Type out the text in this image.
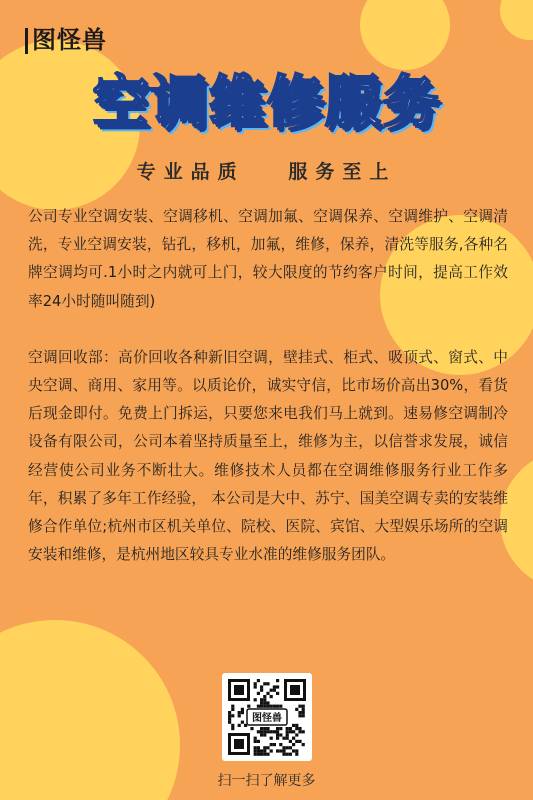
图怪兽
空调维修服务
专业品质   服务至上

公司专业空调安装、空调移机、空调加氟、空调保养、空调维护、空调清洗，专业空调安装，钻孔，移机，加氟，维修，保养，清洗等服务,各种名牌空调均可.1小时之内就可上门，较大限度的节约客户时间，提高工作效率24小时随叫随到)

空调回收部：高价回收各种新旧空调，壁挂式、柜式、吸顶式、窗式、中央空调、商用、家用等。以质论价，诚实守信，比市场价高出30%，看货后现金即付。免费上门拆运，只要您来电我们马上就到。速易修空调制冷设备有限公司，公司本着坚持质量至上，维修为主，以信誉求发展，诚信经营使公司业务不断壮大。维修技术人员都在空调维修服务行业工作多年，积累了多年工作经验， 本公司是大中、苏宁、国美空调专卖的安装维修合作单位;杭州市区机关单位、院校、医院、宾馆、大型娱乐场所的空调安装和维修，是杭州地区较具专业水准的维修服务团队。

图怪兽
扫一扫了解更多
